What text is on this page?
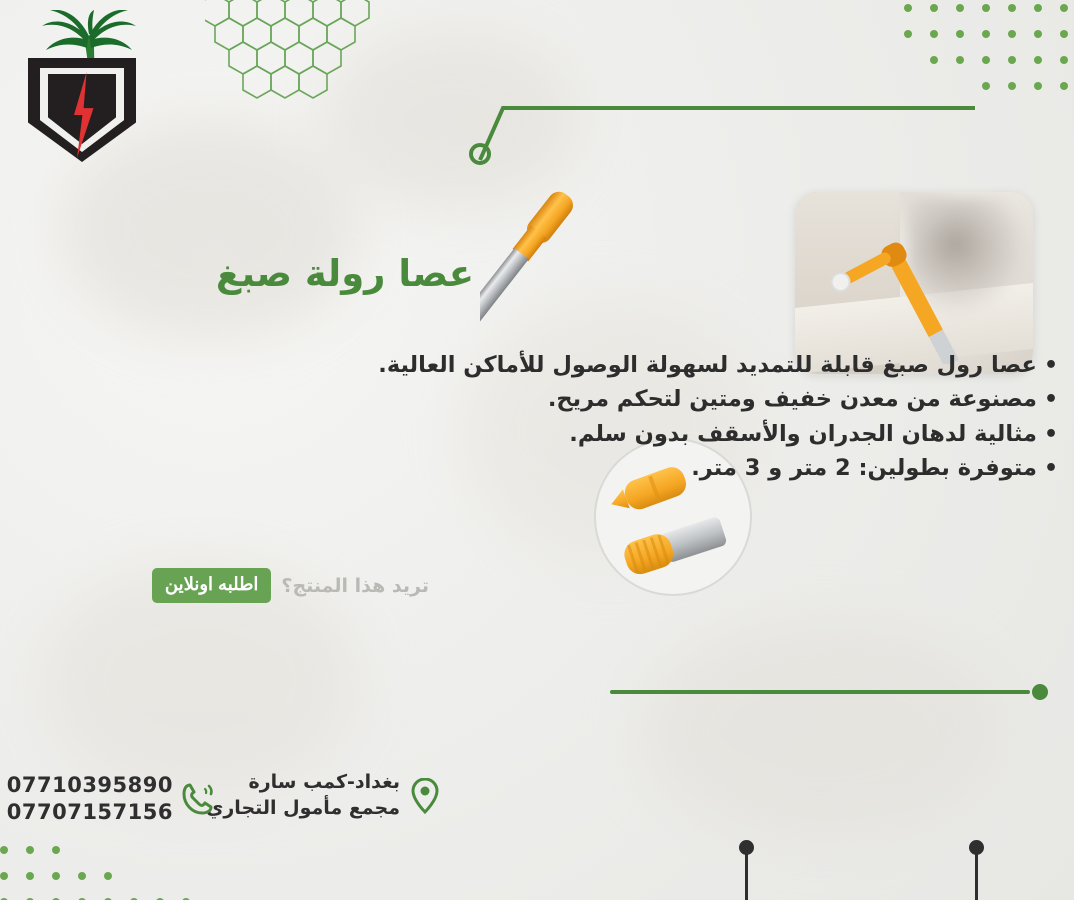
عصا رولة صبغ
• عصا رول صبغ قابلة للتمديد لسهولة الوصول للأماكن العالية.
• مصنوعة من معدن خفيف ومتين لتحكم مريح.
• مثالية لدهان الجدران والأسقف بدون سلم.
• متوفرة بطولين: 2 متر و 3 متر.
تريد هذا المنتج؟
اطلبه اونلاين
بغداد-كمب سارة
مجمع مأمول التجاري
07710395890
07707157156
